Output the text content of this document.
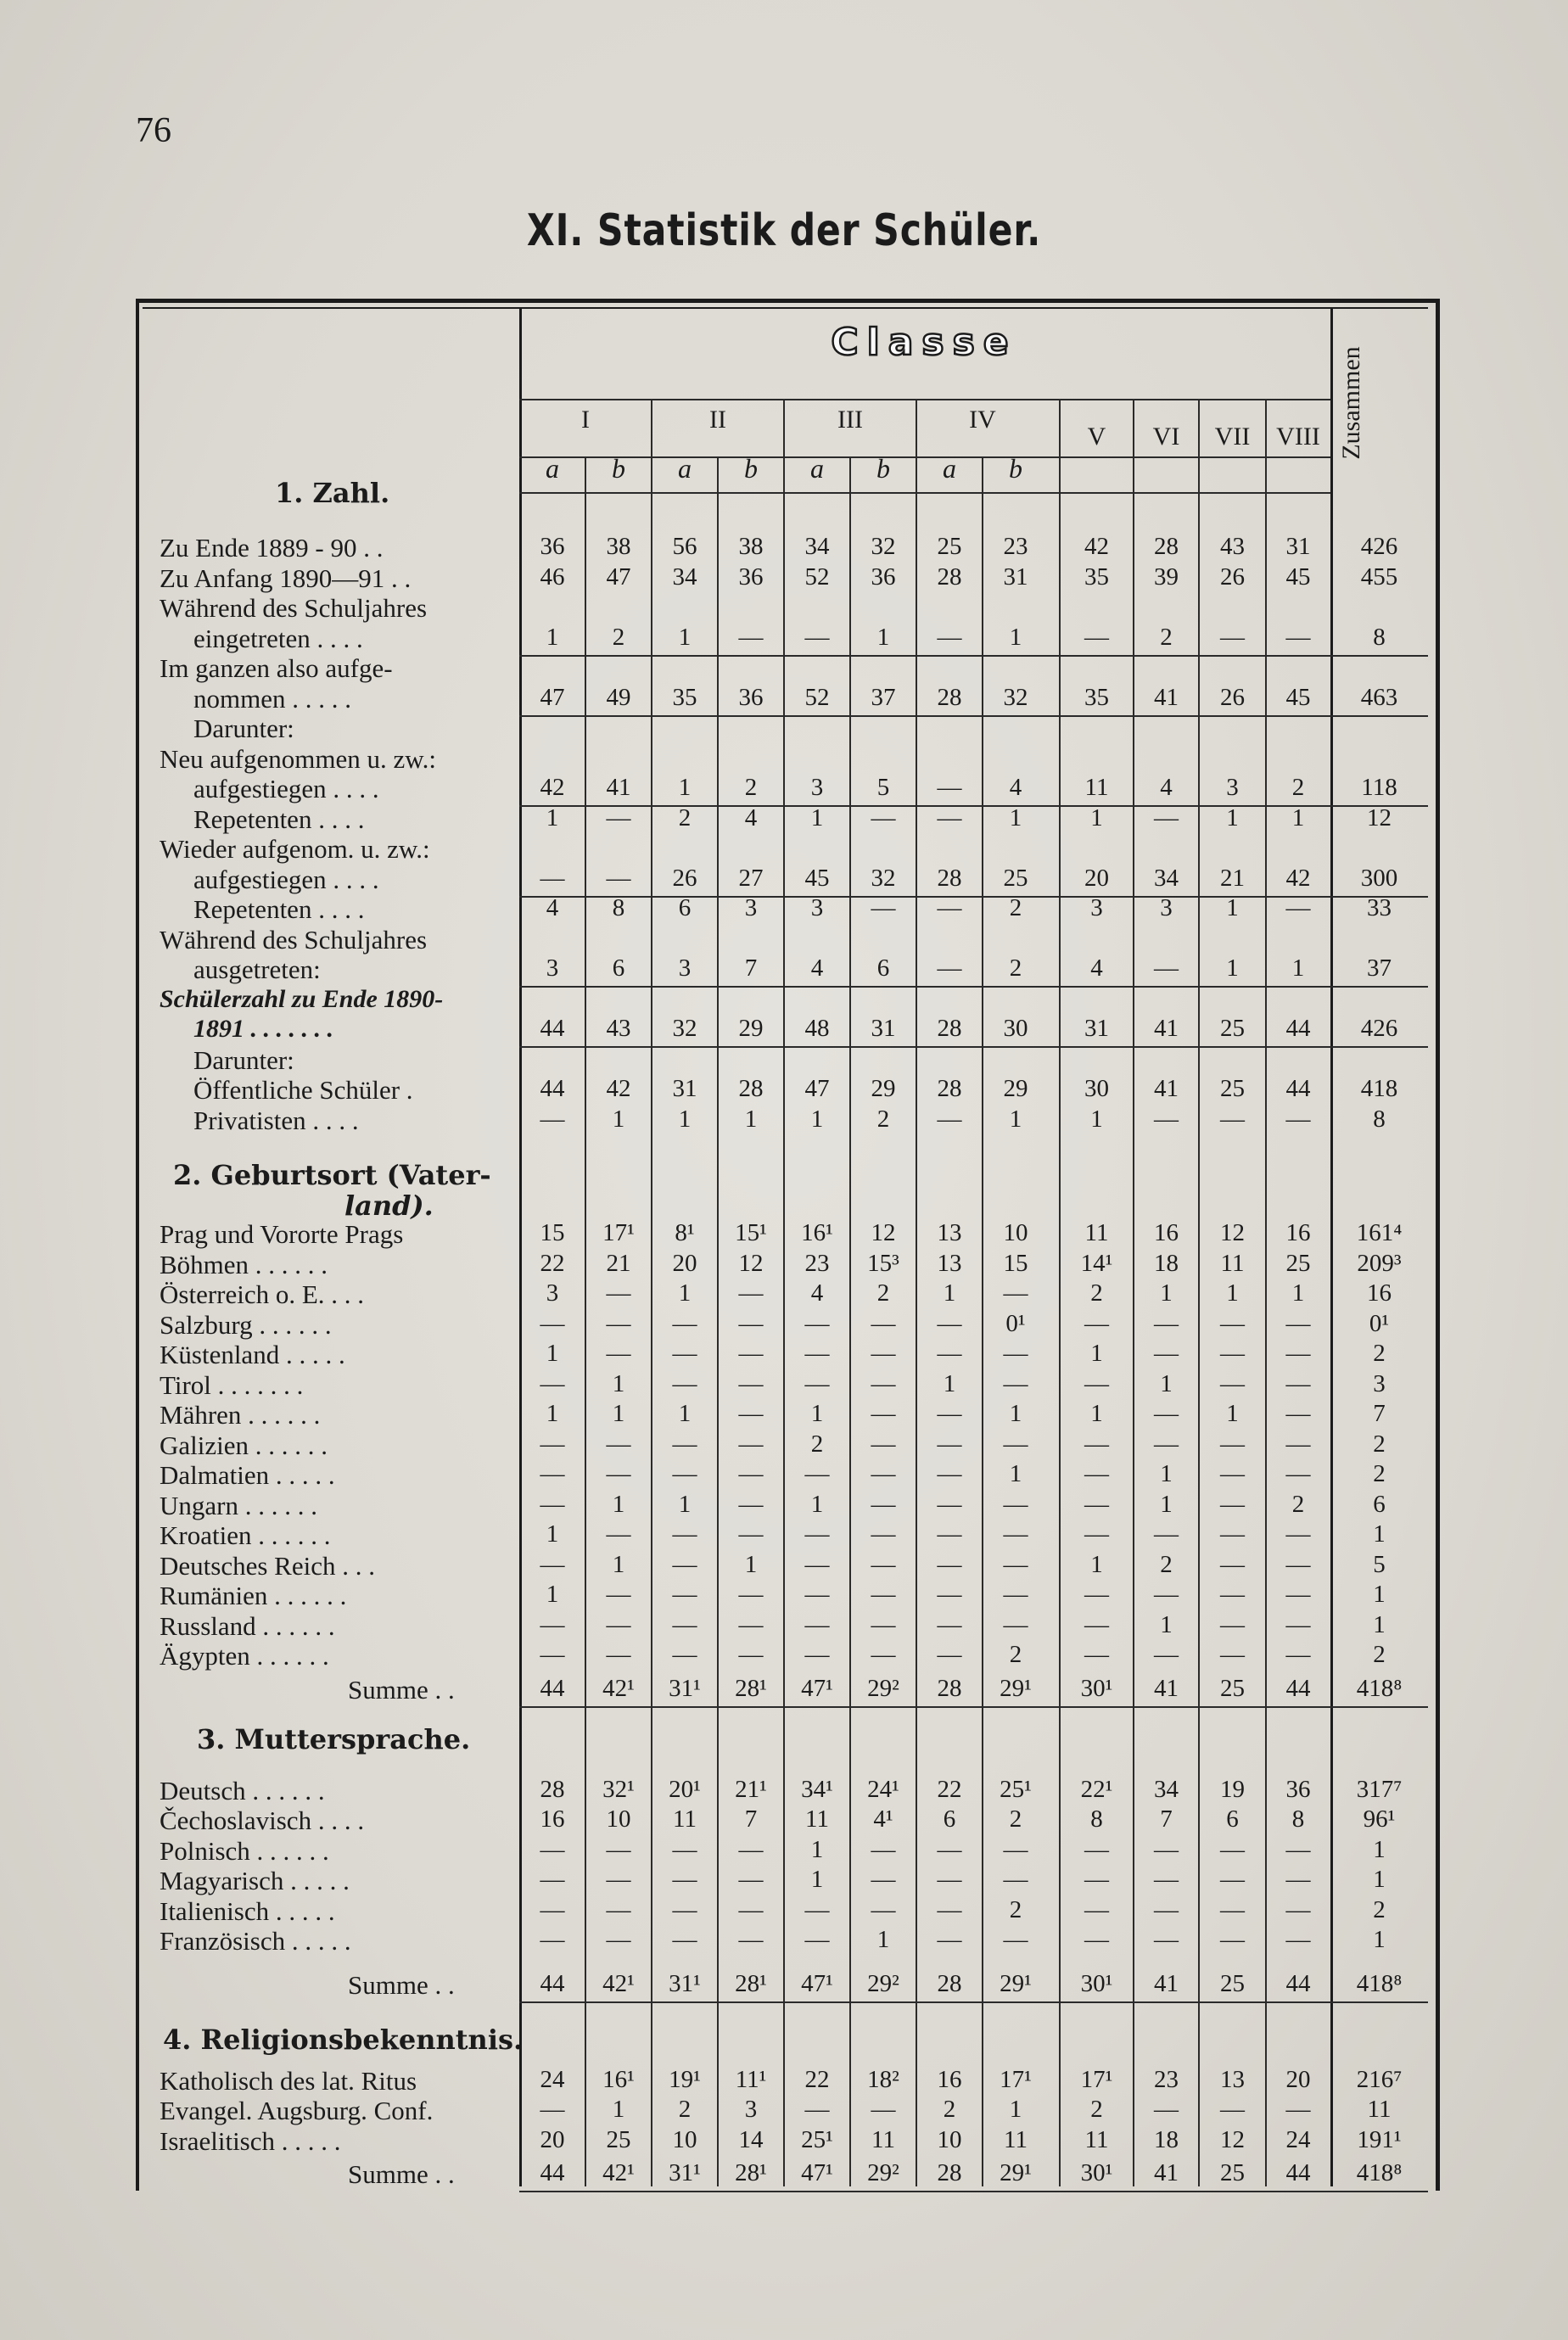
76
XI. Statistik der Schüler.
Classe
Zusammen
I	II	III	IV
V	VI	VII	VIII
a	b	a	b	a	b	a	b
1. Zahl.
Zu Ende 1889 - 90 . .	36	38	56	38	34	32	25	23	42	28	43	31	426
Zu Anfang 1890—91 . .	46	47	34	36	52	36	28	31	35	39	26	45	455
Während des Schuljahres
eingetreten . . . .	1	2	1	—	—	1	—	1	—	2	—	—	8
Im ganzen also aufge-
nommen . . . . .	47	49	35	36	52	37	28	32	35	41	26	45	463
Darunter:
Neu aufgenommen u. zw.:
aufgestiegen . . . .	42	41	1	2	3	5	—	4	11	4	3	2	118
Repetenten . . . .	1	—	2	4	1	—	—	1	1	—	1	1	12
Wieder aufgenom. u. zw.:
aufgestiegen . . . .	—	—	26	27	45	32	28	25	20	34	21	42	300
Repetenten . . . .	4	8	6	3	3	—	—	2	3	3	1	—	33
Während des Schuljahres
ausgetreten:	3	6	3	7	4	6	—	2	4	—	1	1	37
Schülerzahl zu Ende 1890-
1891 . . . . . . .	44	43	32	29	48	31	28	30	31	41	25	44	426
Darunter:
Öffentliche Schüler .	44	42	31	28	47	29	28	29	30	41	25	44	418
Privatisten . . . .	—	1	1	1	1	2	—	1	1	—	—	—	8
2. Geburtsort (Vater-
land).
Prag und Vororte Prags	15	17¹	8¹	15¹	16¹	12	13	10	11	16	12	16	161⁴
Böhmen . . . . . .	22	21	20	12	23	15³	13	15	14¹	18	11	25	209³
Österreich o. E. . . .	3	—	1	—	4	2	1	—	2	1	1	1	16
Salzburg . . . . . .	—	—	—	—	—	—	—	0¹	—	—	—	—	0¹
Küstenland . . . . .	1	—	—	—	—	—	—	—	1	—	—	—	2
Tirol . . . . . . .	—	1	—	—	—	—	1	—	—	1	—	—	3
Mähren . . . . . .	1	1	1	—	1	—	—	1	1	—	1	—	7
Galizien . . . . . .	—	—	—	—	2	—	—	—	—	—	—	—	2
Dalmatien . . . . .	—	—	—	—	—	—	—	1	—	1	—	—	2
Ungarn . . . . . .	—	1	1	—	1	—	—	—	—	1	—	2	6
Kroatien . . . . . .	1	—	—	—	—	—	—	—	—	—	—	—	1
Deutsches Reich . . .	—	1	—	1	—	—	—	—	1	2	—	—	5
Rumänien . . . . . .	1	—	—	—	—	—	—	—	—	—	—	—	1
Russland . . . . . .	—	—	—	—	—	—	—	—	—	1	—	—	1
Ägypten . . . . . .	—	—	—	—	—	—	—	2	—	—	—	—	2
Summe . .	44	42¹	31¹	28¹	47¹	29²	28	29¹	30¹	41	25	44	418⁸
3. Muttersprache.
Deutsch . . . . . .	28	32¹	20¹	21¹	34¹	24¹	22	25¹	22¹	34	19	36	317⁷
Čechoslavisch . . . .	16	10	11	7	11	4¹	6	2	8	7	6	8	96¹
Polnisch . . . . . .	—	—	—	—	1	—	—	—	—	—	—	—	1
Magyarisch . . . . .	—	—	—	—	1	—	—	—	—	—	—	—	1
Italienisch . . . . .	—	—	—	—	—	—	—	2	—	—	—	—	2
Französisch . . . . .	—	—	—	—	—	1	—	—	—	—	—	—	1
Summe . .	44	42¹	31¹	28¹	47¹	29²	28	29¹	30¹	41	25	44	418⁸
4. Religionsbekenntnis.
Katholisch des lat. Ritus	24	16¹	19¹	11¹	22	18²	16	17¹	17¹	23	13	20	216⁷
Evangel. Augsburg. Conf.	—	1	2	3	—	—	2	1	2	—	—	—	11
Israelitisch . . . . .	20	25	10	14	25¹	11	10	11	11	18	12	24	191¹
Summe . .	44	42¹	31¹	28¹	47¹	29²	28	29¹	30¹	41	25	44	418⁸
